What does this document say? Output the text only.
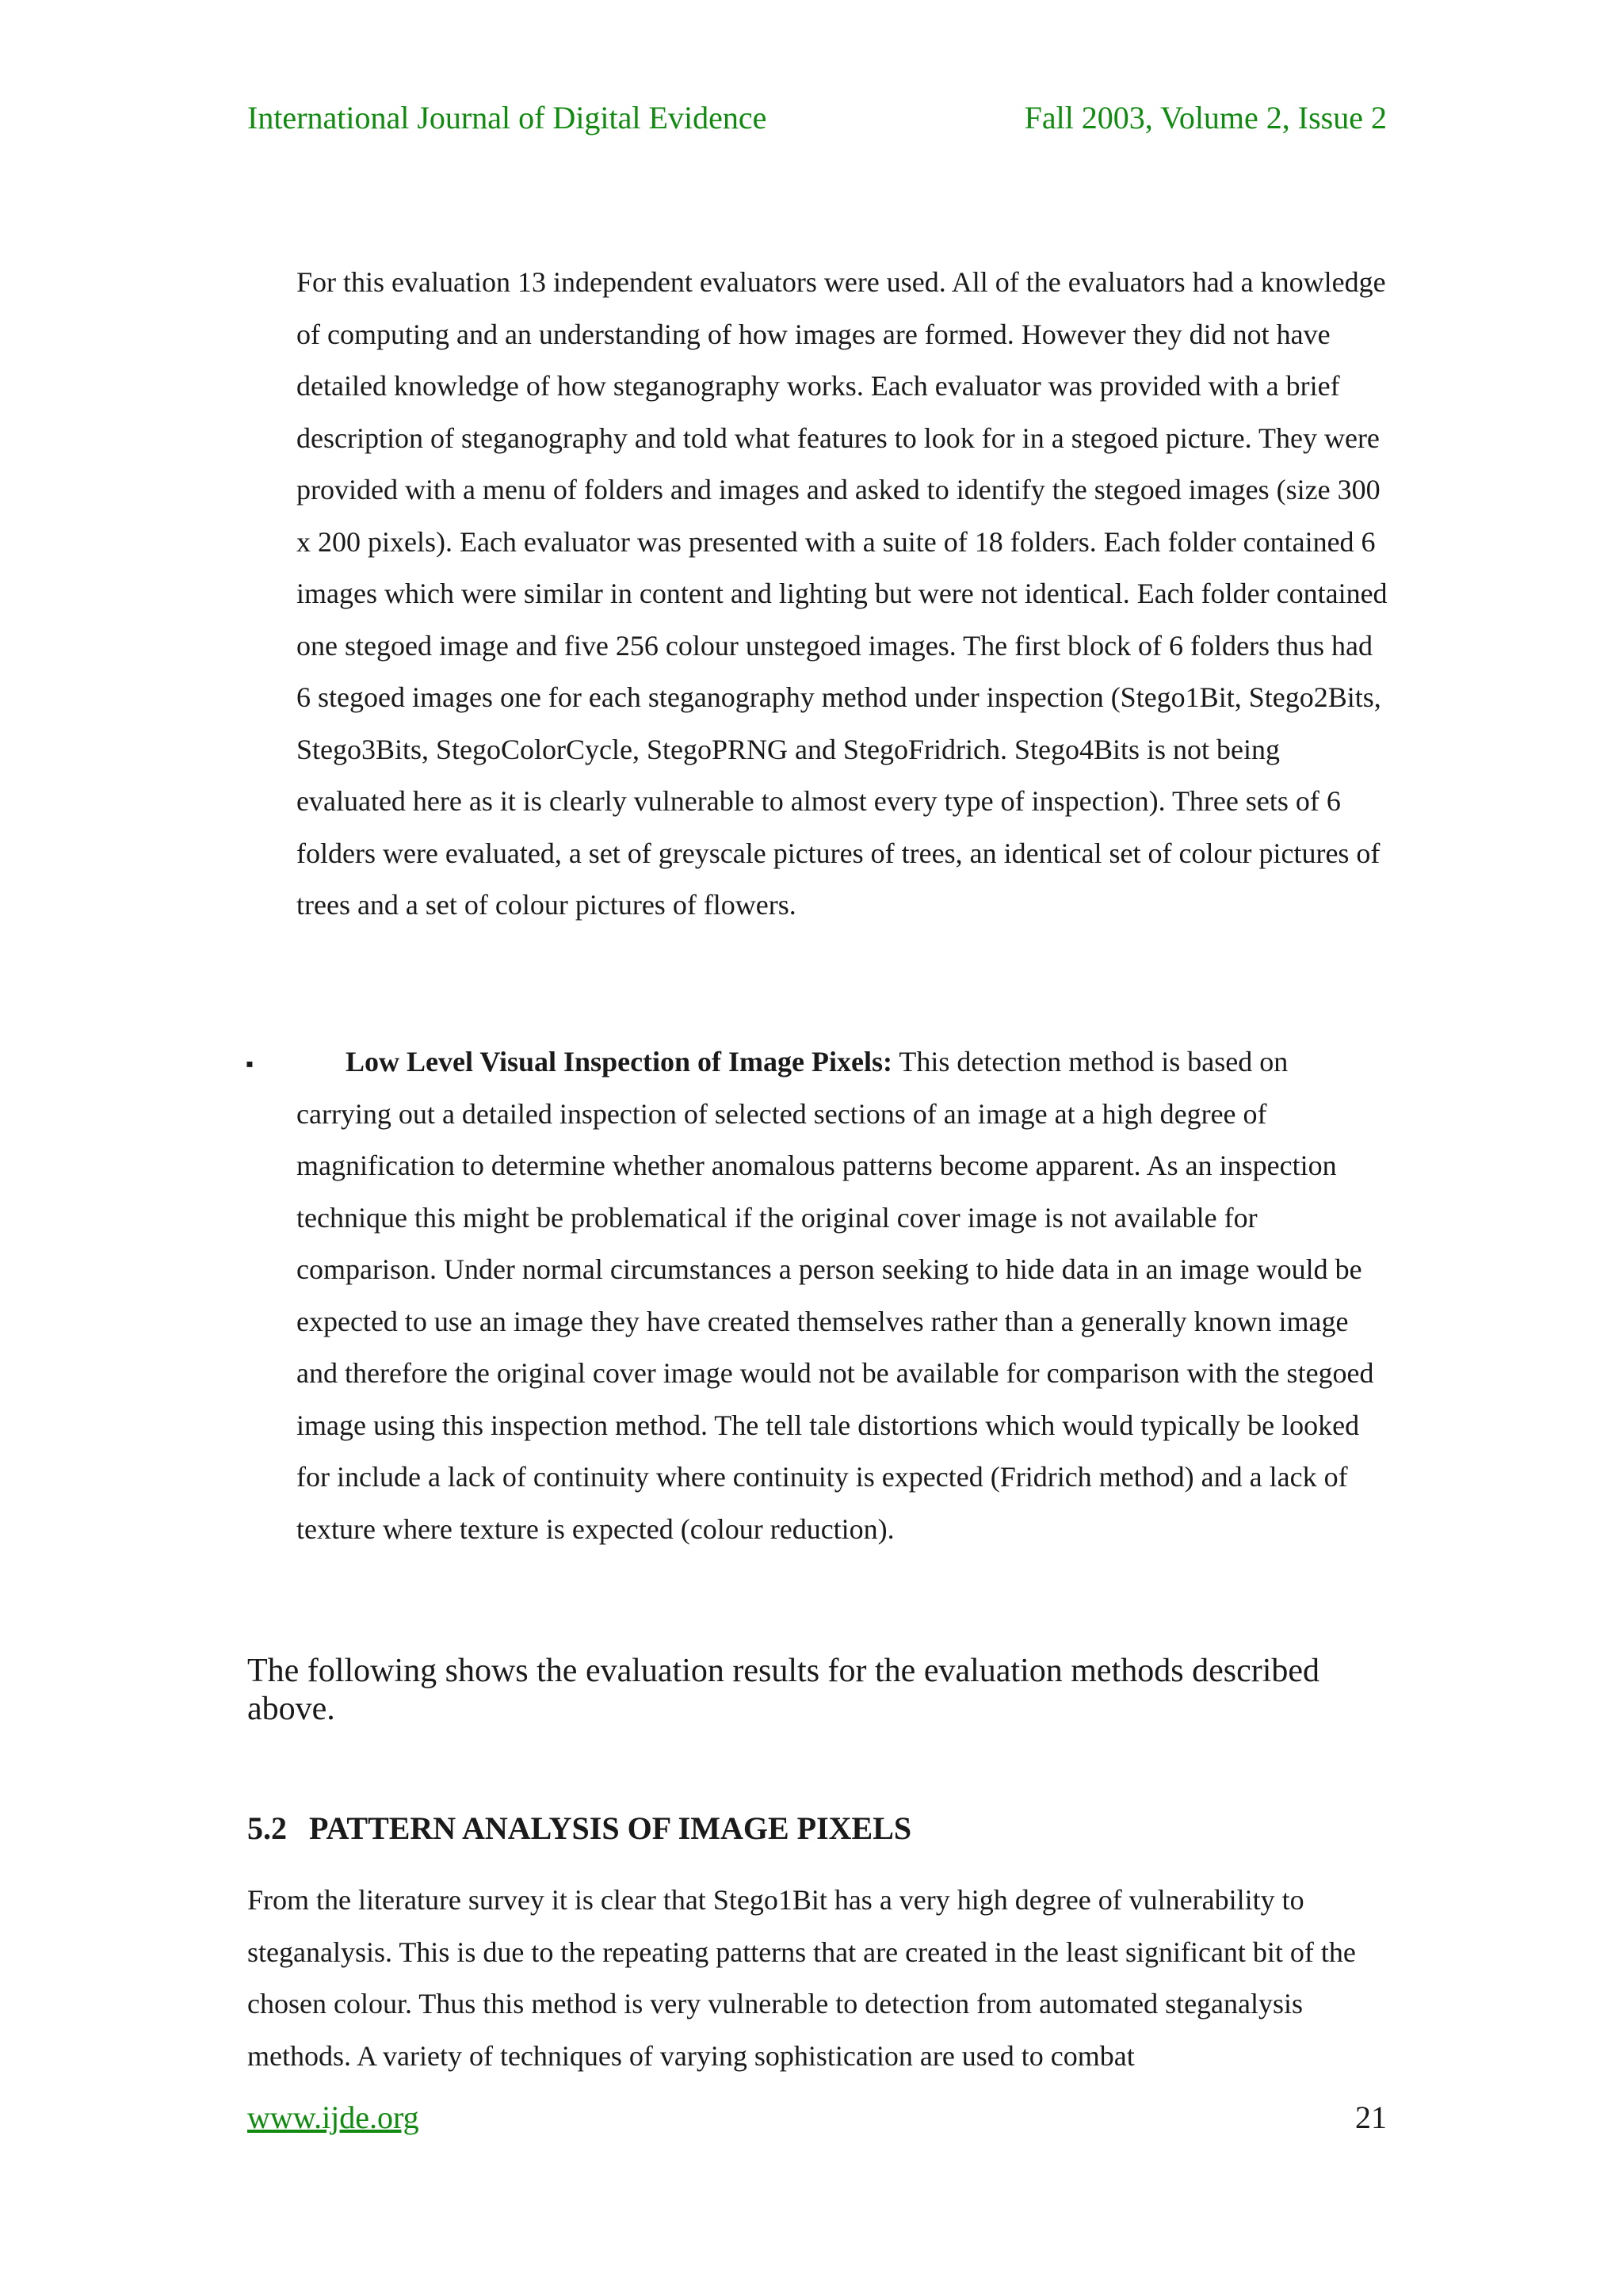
International Journal of Digital Evidence	Fall 2003, Volume 2, Issue 2

For this evaluation 13 independent evaluators were used. All of the evaluators had a knowledge of computing and an understanding of how images are formed. However they did not have detailed knowledge of how steganography works. Each evaluator was provided with a brief description of steganography and told what features to look for in a stegoed picture. They were provided with a menu of folders and images and asked to identify the stegoed images (size 300 x 200 pixels). Each evaluator was presented with a suite of 18 folders. Each folder contained 6 images which were similar in content and lighting but were not identical. Each folder contained one stegoed image and five 256 colour unstegoed images. The first block of 6 folders thus had 6 stegoed images one for each steganography method under inspection (Stego1Bit, Stego2Bits, Stego3Bits, StegoColorCycle, StegoPRNG and StegoFridrich. Stego4Bits is not being evaluated here as it is clearly vulnerable to almost every type of inspection). Three sets of 6 folders were evaluated, a set of greyscale pictures of trees, an identical set of colour pictures of trees and a set of colour pictures of flowers.

▪	Low Level Visual Inspection of Image Pixels: This detection method is based on carrying out a detailed inspection of selected sections of an image at a high degree of magnification to determine whether anomalous patterns become apparent. As an inspection technique this might be problematical if the original cover image is not available for comparison. Under normal circumstances a person seeking to hide data in an image would be expected to use an image they have created themselves rather than a generally known image and therefore the original cover image would not be available for comparison with the stegoed image using this inspection method. The tell tale distortions which would typically be looked for include a lack of continuity where continuity is expected (Fridrich method) and a lack of texture where texture is expected (colour reduction).

The following shows the evaluation results for the evaluation methods described above.

5.2 PATTERN ANALYSIS OF IMAGE PIXELS

From the literature survey it is clear that Stego1Bit has a very high degree of vulnerability to steganalysis. This is due to the repeating patterns that are created in the least significant bit of the chosen colour. Thus this method is very vulnerable to detection from automated steganalysis methods. A variety of techniques of varying sophistication are used to combat

www.ijde.org	21
